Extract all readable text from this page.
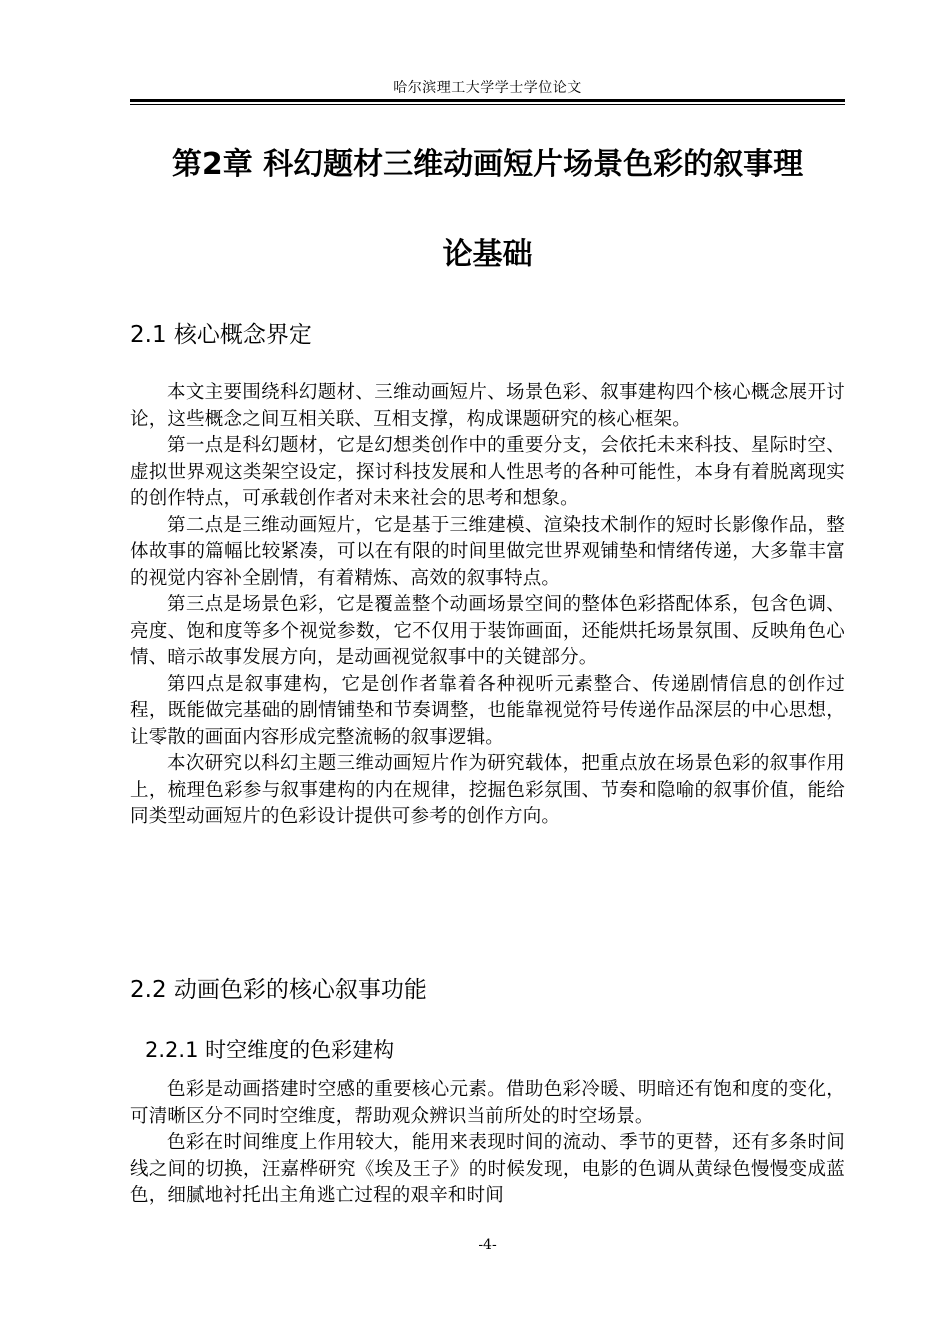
哈尔滨理工大学学士学位论文
第2章 科幻题材三维动画短片场景色彩的叙事理
论基础
2.1 核心概念界定

本文主要围绕科幻题材、三维动画短片、场景色彩、叙事建构四个核心概念展开讨论，这些概念之间互相关联、互相支撑，构成课题研究的核心框架。

第一点是科幻题材，它是幻想类创作中的重要分支，会依托未来科技、星际时空、虚拟世界观这类架空设定，探讨科技发展和人性思考的各种可能性，本身有着脱离现实的创作特点，可承载创作者对未来社会的思考和想象。

第二点是三维动画短片，它是基于三维建模、渲染技术制作的短时长影像作品，整体故事的篇幅比较紧凑，可以在有限的时间里做完世界观铺垫和情绪传递，大多靠丰富的视觉内容补全剧情，有着精炼、高效的叙事特点。

第三点是场景色彩，它是覆盖整个动画场景空间的整体色彩搭配体系，包含色调、亮度、饱和度等多个视觉参数，它不仅用于装饰画面，还能烘托场景氛围、反映角色心情、暗示故事发展方向，是动画视觉叙事中的关键部分。

第四点是叙事建构，它是创作者靠着各种视听元素整合、传递剧情信息的创作过程，既能做完基础的剧情铺垫和节奏调整，也能靠视觉符号传递作品深层的中心思想，让零散的画面内容形成完整流畅的叙事逻辑。

本次研究以科幻主题三维动画短片作为研究载体，把重点放在场景色彩的叙事作用上，梳理色彩参与叙事建构的内在规律，挖掘色彩氛围、节奏和隐喻的叙事价值，能给同类型动画短片的色彩设计提供可参考的创作方向。

2.2 动画色彩的核心叙事功能
2.2.1 时空维度的色彩建构

色彩是动画搭建时空感的重要核心元素。借助色彩冷暖、明暗还有饱和度的变化，可清晰区分不同时空维度，帮助观众辨识当前所处的时空场景。

色彩在时间维度上作用较大，能用来表现时间的流动、季节的更替，还有多条时间线之间的切换，汪嘉桦研究《埃及王子》的时候发现，电影的色调从黄绿色慢慢变成蓝色，细腻地衬托出主角逃亡过程的艰辛和时间

-4-
